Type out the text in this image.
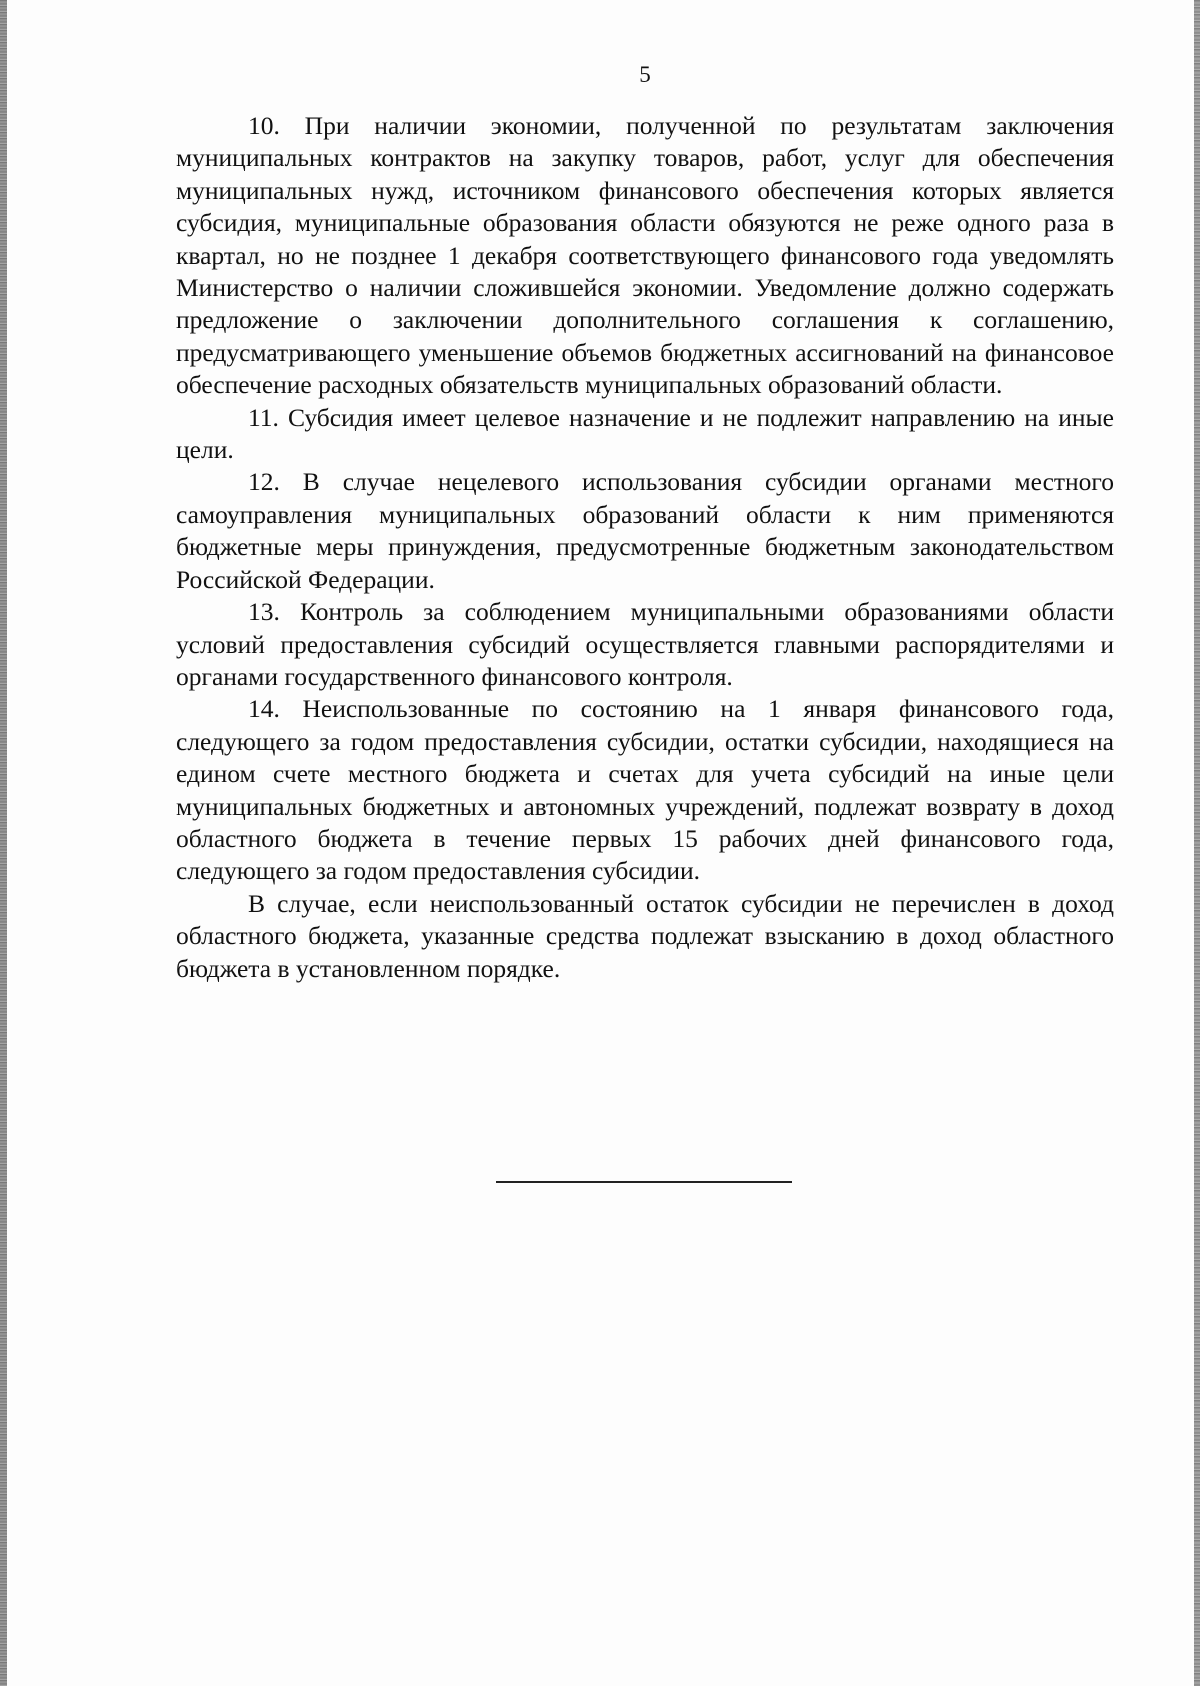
5

10. При наличии экономии, полученной по результатам заключения муниципальных контрактов на закупку товаров, работ, услуг для обеспечения муниципальных нужд, источником финансового обеспечения которых является субсидия, муниципальные образования области обязуются не реже одного раза в квартал, но не позднее 1 декабря соответствующего финансового года уведомлять Министерство о наличии сложившейся экономии. Уведомление должно содержать предложение о заключении дополнительного соглашения к соглашению, предусматривающего уменьшение объемов бюджетных ассигнований на финансовое обеспечение расходных обязательств муниципальных образований области.

11. Субсидия имеет целевое назначение и не подлежит направлению на иные цели.

12. В случае нецелевого использования субсидии органами местного самоуправления муниципальных образований области к ним применяются бюджетные меры принуждения, предусмотренные бюджетным законодательством Российской Федерации.

13. Контроль за соблюдением муниципальными образованиями области условий предоставления субсидий осуществляется главными распорядителями и органами государственного финансового контроля.

14. Неиспользованные по состоянию на 1 января финансового года, следующего за годом предоставления субсидии, остатки субсидии, находящиеся на едином счете местного бюджета и счетах для учета субсидий на иные цели муниципальных бюджетных и автономных учреждений, подлежат возврату в доход областного бюджета в течение первых 15 рабочих дней финансового года, следующего за годом предоставления субсидии.

В случае, если неиспользованный остаток субсидии не перечислен в доход областного бюджета, указанные средства подлежат взысканию в доход областного бюджета в установленном порядке.
